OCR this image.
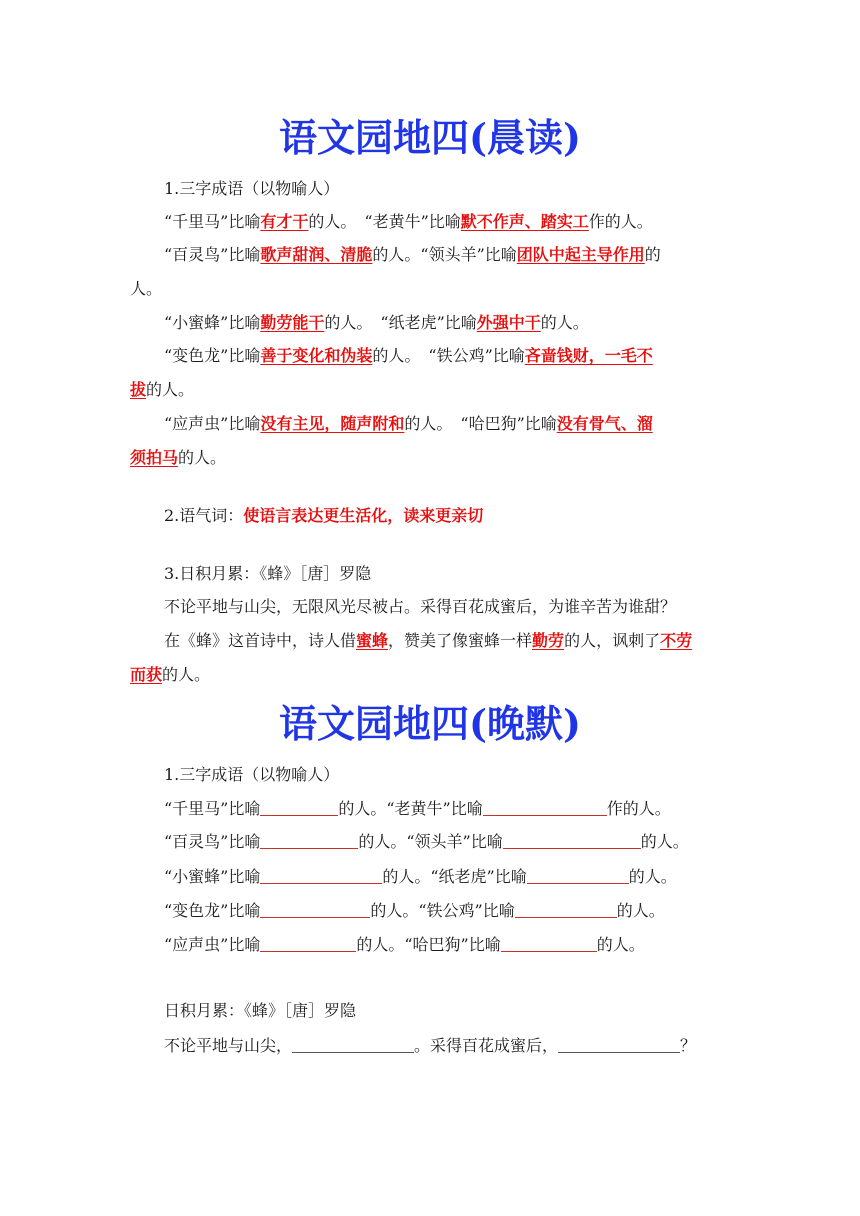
语文园地四(晨读)
1.三字成语（以物喻人）
“千里马”比喻有才干的人。　“老黄牛”比喻默不作声、踏实工作的人。
“百灵鸟”比喻歌声甜润、清脆的人。“领头羊”比喻团队中起主导作用的
人。
“小蜜蜂”比喻勤劳能干的人。　“纸老虎”比喻外强中干的人。
“变色龙”比喻善于变化和伪装的人。　“铁公鸡”比喻吝啬钱财，一毛不
拔的人。
“应声虫”比喻没有主见，随声附和的人。　“哈巴狗”比喻没有骨气、溜
须拍马的人。
2.语气词：使语言表达更生活化，读来更亲切
3.日积月累：《蜂》［唐］罗隐
不论平地与山尖，无限风光尽被占。采得百花成蜜后，为谁辛苦为谁甜？
在《蜂》这首诗中，诗人借蜜蜂，赞美了像蜜蜂一样勤劳的人，讽刺了不劳
而获的人。
语文园地四(晚默)
1.三字成语（以物喻人）
“千里马”比喻	的人。“老黄牛”比喻	作的人。
“百灵鸟”比喻	的人。“领头羊”比喻	的人。
“小蜜蜂”比喻	的人。“纸老虎”比喻	的人。
“变色龙”比喻	的人。“铁公鸡”比喻	的人。
“应声虫”比喻	的人。“哈巴狗”比喻	的人。
日积月累：《蜂》［唐］罗隐
不论平地与山尖，	。采得百花成蜜后，	？
